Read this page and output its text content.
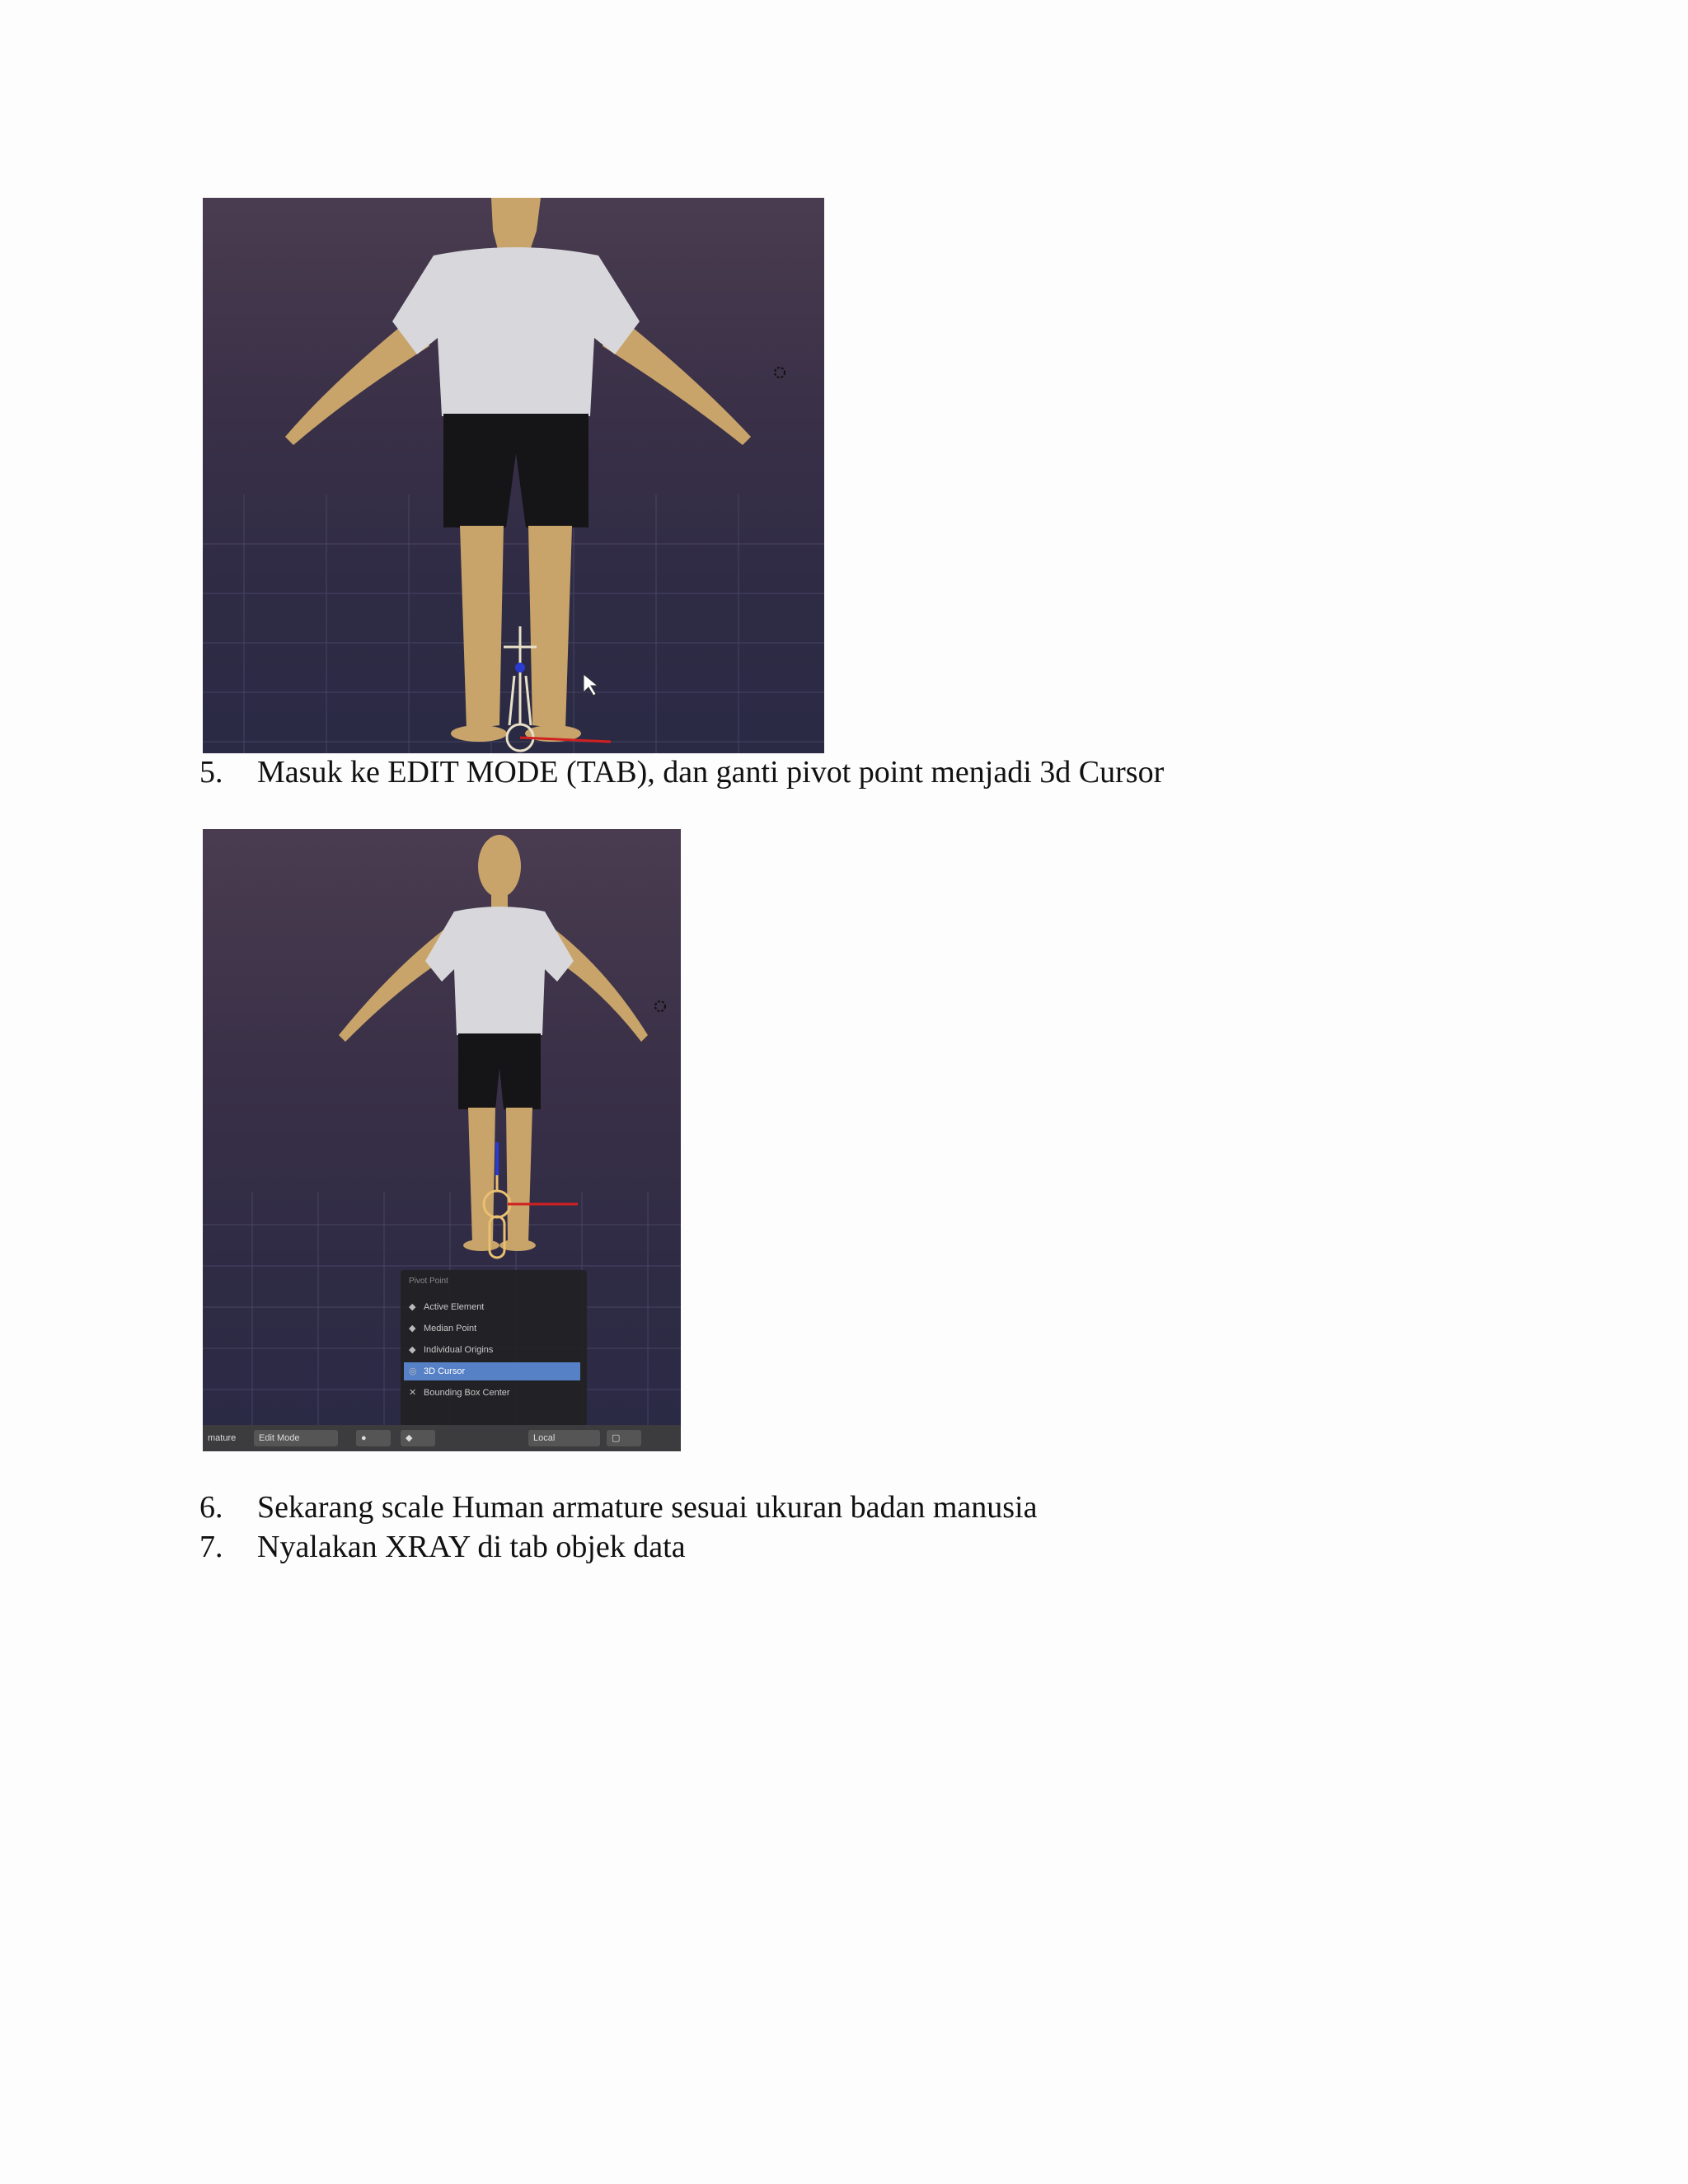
5. Masuk ke EDIT MODE (TAB), dan ganti pivot point menjadi 3d Cursor
Pivot Point
◆ Active Element
◆ Median Point
◆ Individual Origins
◎ 3D Cursor
✕ Bounding Box Center
mature	Edit Mode	●	◆	Local	▢
6. Sekarang scale Human armature sesuai ukuran badan manusia
7. Nyalakan XRAY di tab objek data
